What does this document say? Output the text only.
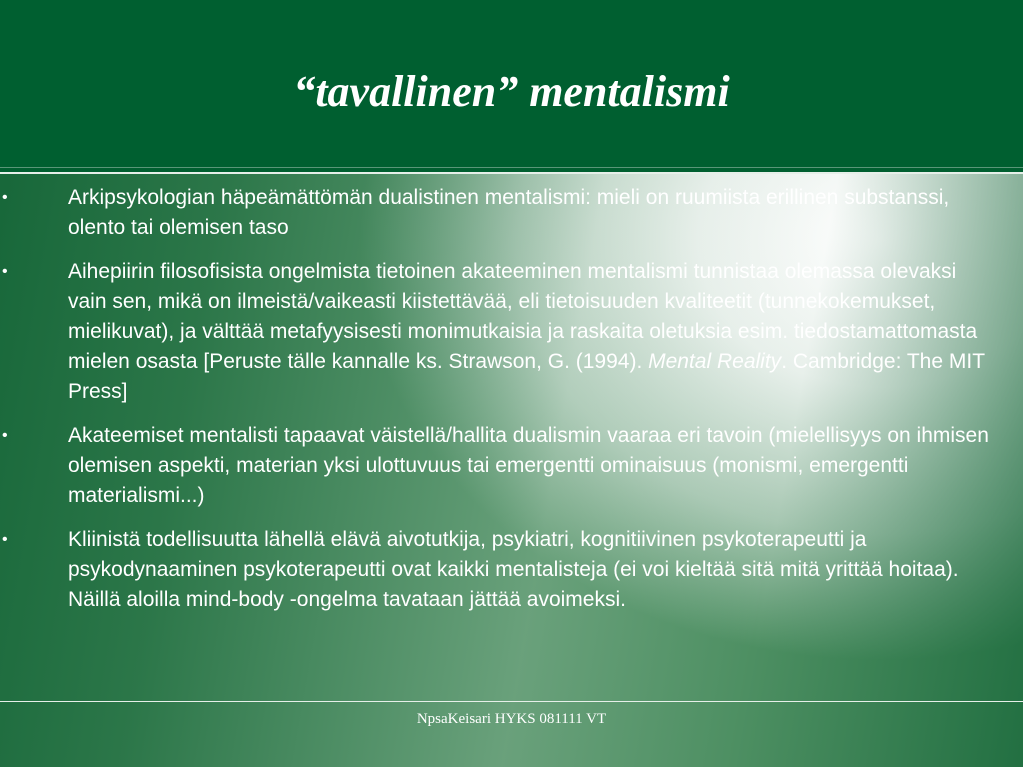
“tavallinen” mentalismi
•	Arkipsykologian häpeämättömän dualistinen mentalismi: mieli on ruumiista erillinen substanssi, olento tai olemisen taso
•	Aihepiirin filosofisista ongelmista tietoinen akateeminen mentalismi tunnistaa olemassa olevaksi vain sen, mikä on ilmeistä/vaikeasti kiistettävää, eli tietoisuuden kvaliteetit (tunnekokemukset, mielikuvat), ja välttää metafyysisesti monimutkaisia ja raskaita oletuksia esim. tiedostamattomasta mielen osasta [Peruste tälle kannalle ks. Strawson, G. (1994). Mental Reality. Cambridge: The MIT Press]
•	Akateemiset mentalisti tapaavat väistellä/hallita dualismin vaaraa eri tavoin (mielellisyys on ihmisen olemisen aspekti, materian yksi ulottuvuus tai emergentti ominaisuus (monismi, emergentti materialismi...)
•	Kliinistä todellisuutta lähellä elävä aivotutkija, psykiatri, kognitiivinen psykoterapeutti ja psykodynaaminen psykoterapeutti ovat kaikki mentalisteja (ei voi kieltää sitä mitä yrittää hoitaa). Näillä aloilla mind-body -ongelma tavataan jättää avoimeksi.
NpsaKeisari HYKS 081111 VT
